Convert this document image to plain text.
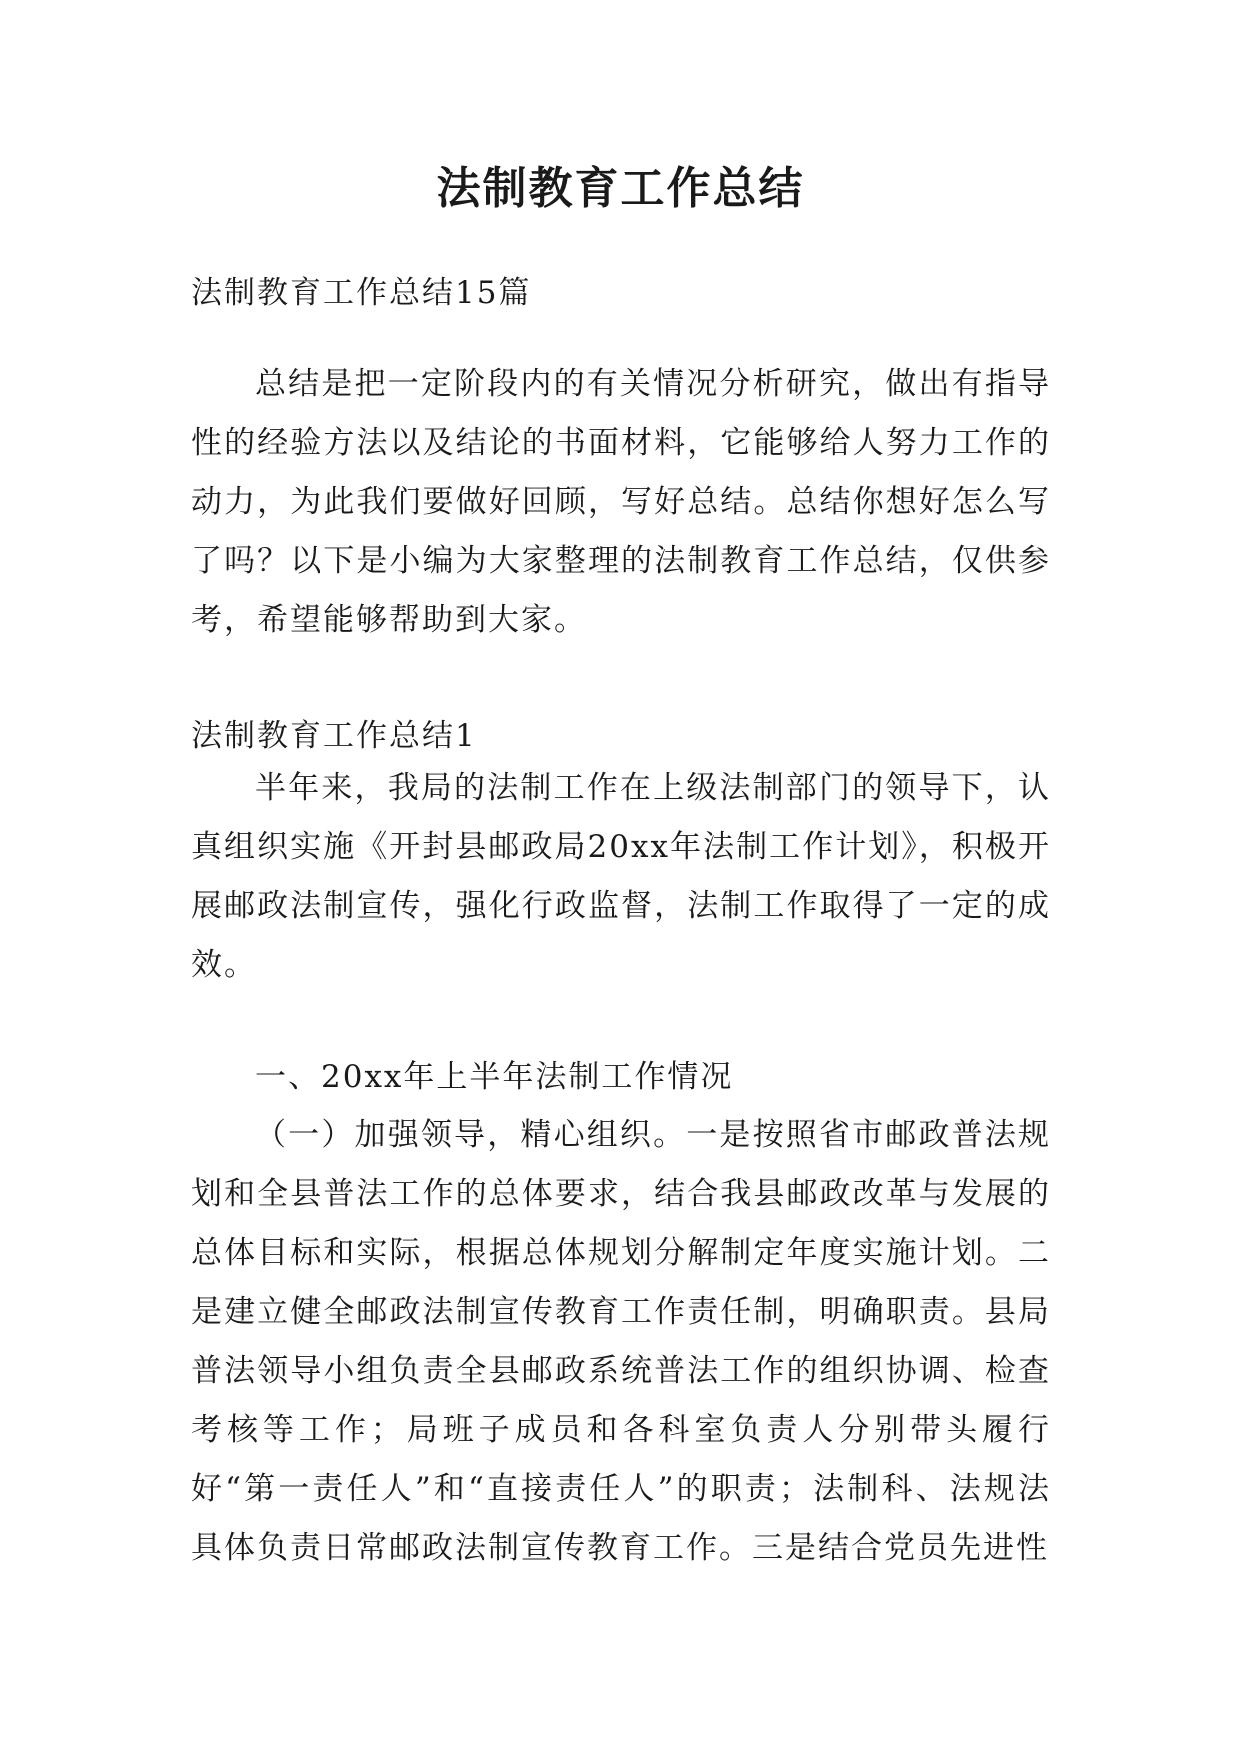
法制教育工作总结

法制教育工作总结15篇

总结是把一定阶段内的有关情况分析研究，做出有指导性的经验方法以及结论的书面材料，它能够给人努力工作的动力，为此我们要做好回顾，写好总结。总结你想好怎么写了吗？以下是小编为大家整理的法制教育工作总结，仅供参考，希望能够帮助到大家。

法制教育工作总结1

半年来，我局的法制工作在上级法制部门的领导下，认真组织实施《开封县邮政局20xx年法制工作计划》，积极开展邮政法制宣传，强化行政监督，法制工作取得了一定的成效。

一、20xx年上半年法制工作情况

（一）加强领导，精心组织。一是按照省市邮政普法规划和全县普法工作的总体要求，结合我县邮政改革与发展的总体目标和实际，根据总体规划分解制定年度实施计划。二是建立健全邮政法制宣传教育工作责任制，明确职责。县局普法领导小组负责全县邮政系统普法工作的组织协调、检查考核等工作；局班子成员和各科室负责人分别带头履行好“第一责任人”和“直接责任人”的职责；法制科、法规法具体负责日常邮政法制宣传教育工作。三是结合党员先进性
